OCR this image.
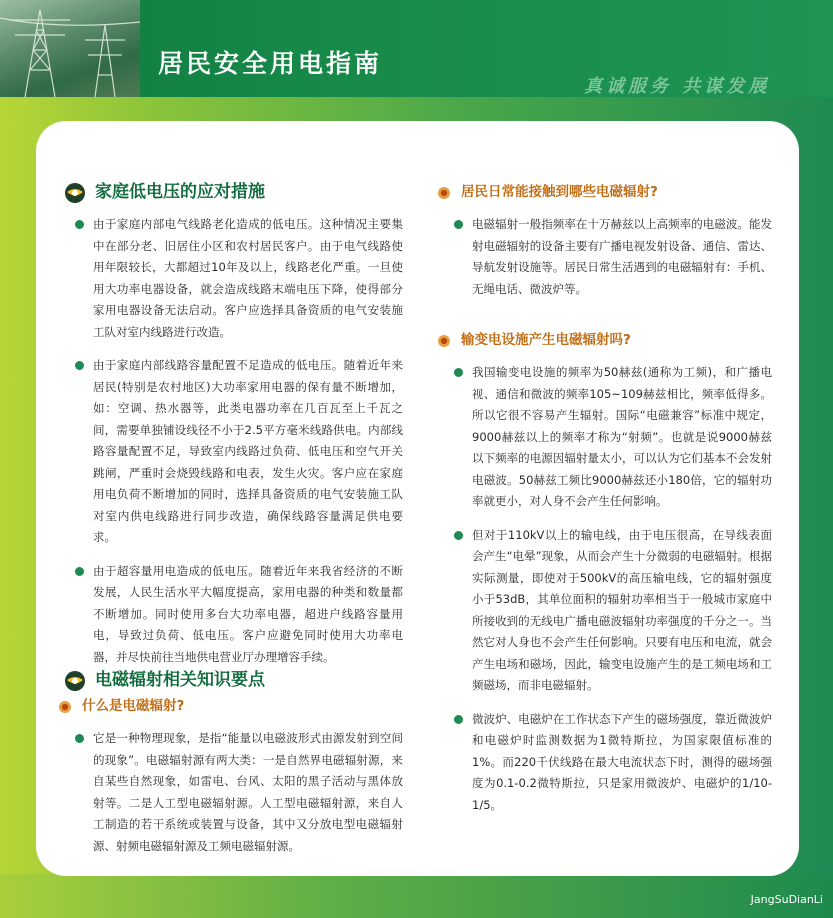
居民安全用电指南
真诚服务 共谋发展
JangSuDianLi
家庭低电压的应对措施

由于家庭内部电气线路老化造成的低电压。这种情况主要集中在部分老、旧居住小区和农村居民客户。由于电气线路使用年限较长，大都超过10年及以上，线路老化严重。一旦使用大功率电器设备，就会造成线路末端电压下降，使得部分家用电器设备无法启动。客户应选择具备资质的电气安装施工队对室内线路进行改造。

由于家庭内部线路容量配置不足造成的低电压。随着近年来居民(特别是农村地区)大功率家用电器的保有量不断增加，如：空调、热水器等，此类电器功率在几百瓦至上千瓦之间，需要单独铺设线径不小于2.5平方毫米线路供电。内部线路容量配置不足，导致室内线路过负荷、低电压和空气开关跳闸，严重时会烧毁线路和电表，发生火灾。客户应在家庭用电负荷不断增加的同时，选择具备资质的电气安装施工队对室内供电线路进行同步改造，确保线路容量满足供电要求。

由于超容量用电造成的低电压。随着近年来我省经济的不断发展，人民生活水平大幅度提高，家用电器的种类和数量都不断增加。同时使用多台大功率电器，超进户线路容量用电，导致过负荷、低电压。客户应避免同时使用大功率电器，并尽快前往当地供电营业厅办理增容手续。

电磁辐射相关知识要点
什么是电磁辐射?

它是一种物理现象，是指“能量以电磁波形式由源发射到空间的现象”。电磁辐射源有两大类：一是自然界电磁辐射源，来自某些自然现象，如雷电、台风、太阳的黑子活动与黑体放射等。二是人工型电磁辐射源。人工型电磁辐射源，来自人工制造的若干系统或装置与设备，其中又分放电型电磁辐射源、射频电磁辐射源及工频电磁辐射源。

居民日常能接触到哪些电磁辐射?

电磁辐射一般指频率在十万赫兹以上高频率的电磁波。能发射电磁辐射的设备主要有广播电视发射设备、通信、雷达、导航发射设施等。居民日常生活遇到的电磁辐射有：手机、无绳电话、微波炉等。

输变电设施产生电磁辐射吗?

我国输变电设施的频率为50赫兹(通称为工频)，和广播电视、通信和微波的频率105~109赫兹相比，频率低得多。所以它很不容易产生辐射。国际“电磁兼容”标准中规定，9000赫兹以上的频率才称为“射频”。也就是说9000赫兹以下频率的电源因辐射量太小，可以认为它们基本不会发射电磁波。50赫兹工频比9000赫兹还小180倍，它的辐射功率就更小，对人身不会产生任何影响。

但对于110kV以上的输电线，由于电压很高，在导线表面会产生“电晕”现象，从而会产生十分微弱的电磁辐射。根据实际测量，即使对于500kV的高压输电线，它的辐射强度小于53dB，其单位面积的辐射功率相当于一般城市家庭中所接收到的无线电广播电磁波辐射功率强度的千分之一。当然它对人身也不会产生任何影响。只要有电压和电流，就会产生电场和磁场，因此，输变电设施产生的是工频电场和工频磁场，而非电磁辐射。

微波炉、电磁炉在工作状态下产生的磁场强度，靠近微波炉和电磁炉时监测数据为1微特斯拉，为国家限值标准的1%。而220千伏线路在最大电流状态下时，测得的磁场强度为0.1-0.2微特斯拉，只是家用微波炉、电磁炉的1/10-1/5。
